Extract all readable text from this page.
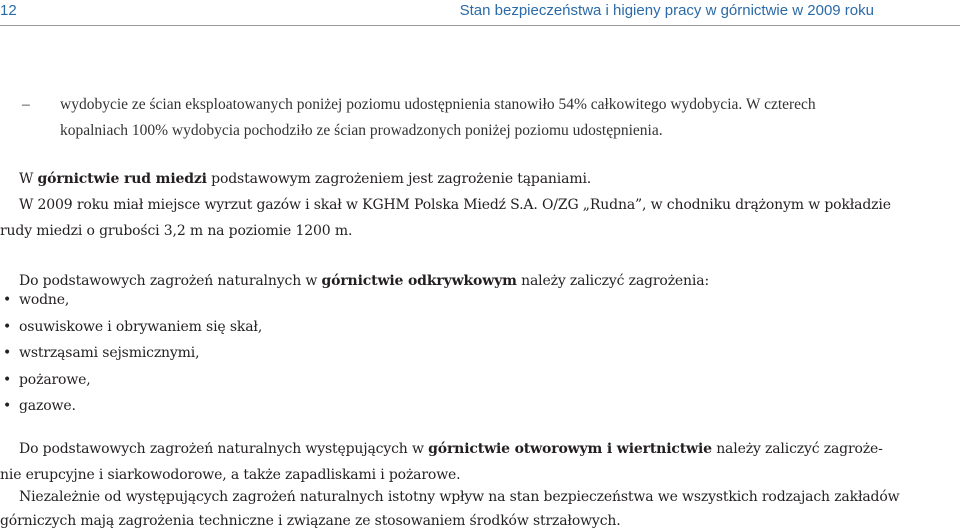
12	Stan bezpieczeństwa i higieny pracy w górnictwie w 2009 roku
– wydobycie ze ścian eksploatowanych poniżej poziomu udostępnienia stanowiło 54% całkowitego wydobycia. W czterech
kopalniach 100% wydobycia pochodziło ze ścian prowadzonych poniżej poziomu udostępnienia.

W górnictwie rud miedzi podstawowym zagrożeniem jest zagrożenie tąpaniami.
W 2009 roku miał miejsce wyrzut gazów i skał w KGHM Polska Miedź S.A. O/ZG „Rudna”, w chodniku drążonym w pokładzie

rudy miedzi o grubości 3,2 m na poziomie 1200 m.

Do podstawowych zagrożeń naturalnych w górnictwie odkrywkowym należy zaliczyć zagrożenia:

• wodne,
• osuwiskowe i obrywaniem się skał,
• wstrząsami sejsmicznymi,
• pożarowe,
• gazowe.

Do podstawowych zagrożeń naturalnych występujących w górnictwie otworowym i wiertnictwie należy zaliczyć zagroże-

nie erupcyjne i siarkowodorowe, a także zapadliskami i pożarowe.

Niezależnie od występujących zagrożeń naturalnych istotny wpływ na stan bezpieczeństwa we wszystkich rodzajach zakładów

górniczych mają zagrożenia techniczne i związane ze stosowaniem środków strzałowych.
